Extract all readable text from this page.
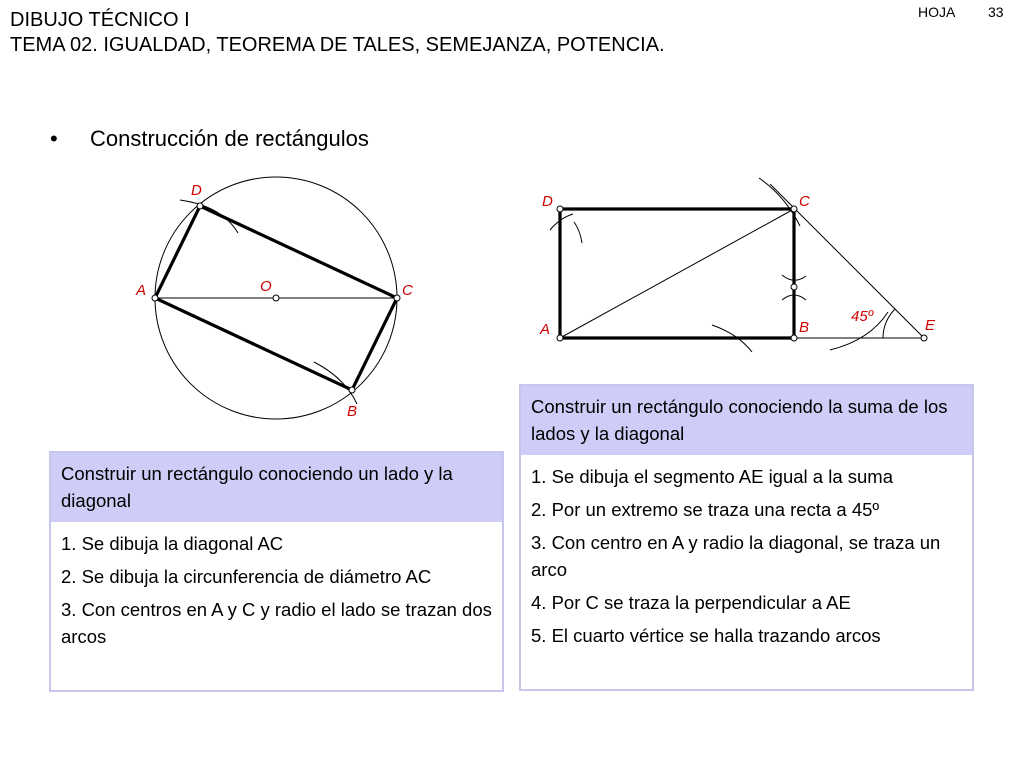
DIBUJO TÉCNICO I
TEMA 02. IGUALDAD, TEOREMA DE TALES, SEMEJANZA, POTENCIA.
HOJA 33
• Construcción de rectángulos
D
A	O	C
B
D	C
A	B	E
45º
Construir un rectángulo conociendo un lado y la diagonal
1. Se dibuja la diagonal AC
2. Se dibuja la circunferencia de diámetro AC
3. Con centros en A y C y radio el lado se trazan dos arcos
Construir un rectángulo conociendo la suma de los lados y la diagonal
1. Se dibuja el segmento AE igual a la suma
2. Por un extremo se traza una recta a 45º
3. Con centro en A y radio la diagonal, se traza un arco
4. Por C se traza la perpendicular a AE
5. El cuarto vértice se halla trazando arcos
